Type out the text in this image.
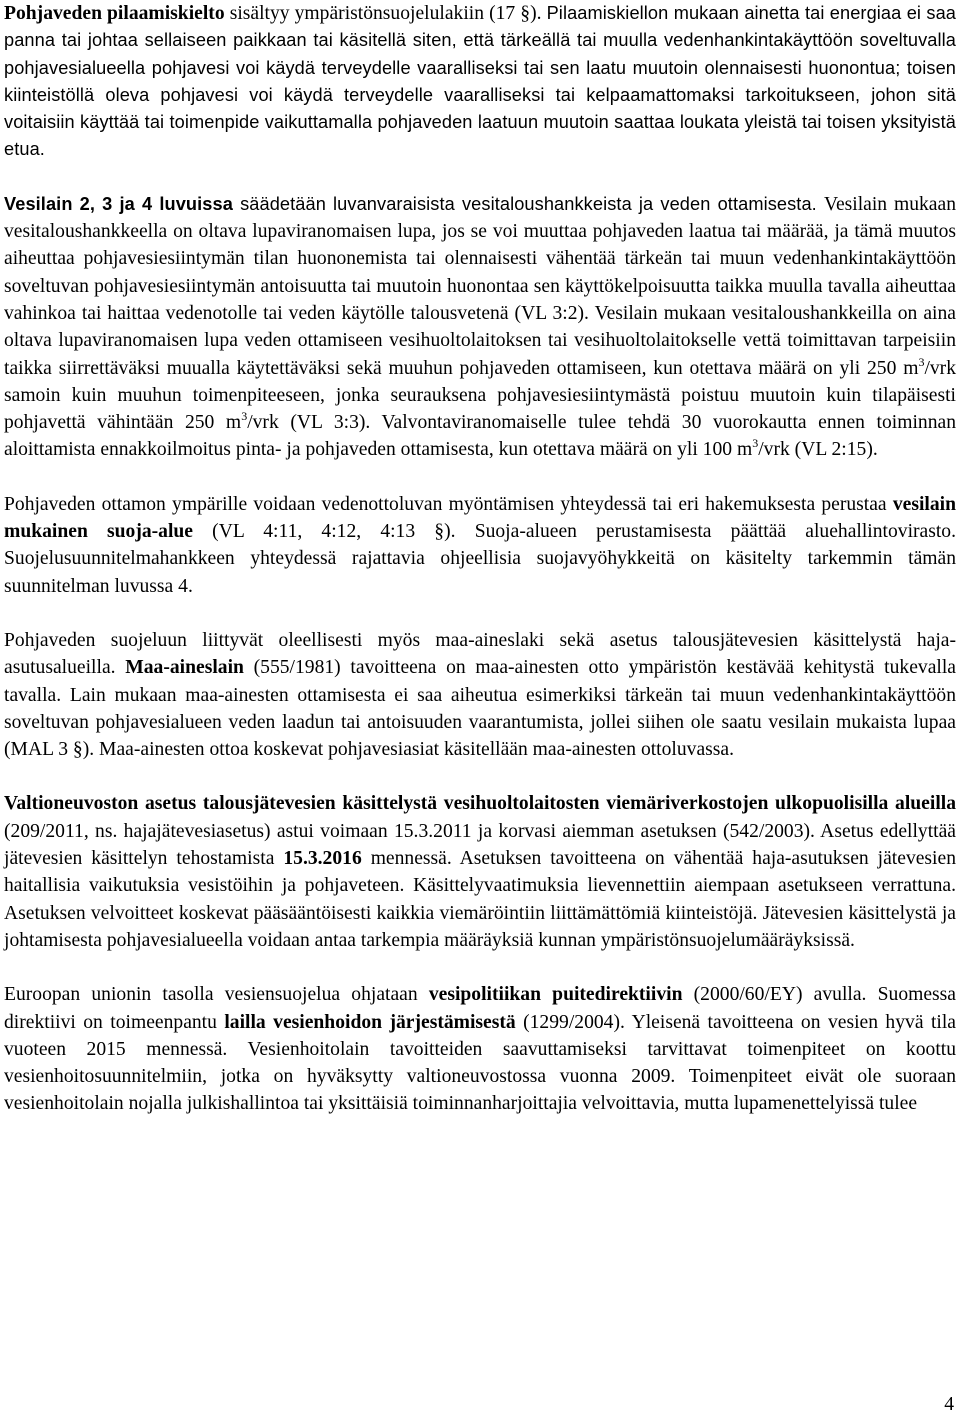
Pohjaveden pilaamiskielto sisältyy ympäristönsuojelulakiin (17 §). Pilaamiskiellon mukaan ainetta tai energiaa ei saa panna tai johtaa sellaiseen paikkaan tai käsitellä siten, että tärkeällä tai muulla vedenhankintakäyttöön soveltuvalla pohjavesialueella pohjavesi voi käydä terveydelle vaaralliseksi tai sen laatu muutoin olennaisesti huonontua; toisen kiinteistöllä oleva pohjavesi voi käydä terveydelle vaaralliseksi tai kelpaamattomaksi tarkoitukseen, johon sitä voitaisiin käyttää tai toimenpide vaikuttamalla pohjaveden laatuun muutoin saattaa loukata yleistä tai toisen yksityistä etua.

Vesilain 2, 3 ja 4 luvuissa säädetään luvanvaraisista vesitaloushankkeista ja veden ottamisesta. Vesilain mukaan vesitaloushankkeella on oltava lupaviranomaisen lupa, jos se voi muuttaa pohjaveden laatua tai määrää, ja tämä muutos aiheuttaa pohjavesiesiintymän tilan huononemista tai olennaisesti vähentää tärkeän tai muun vedenhankintakäyttöön soveltuvan pohjavesiesiintymän antoisuutta tai muutoin huonontaa sen käyttökelpoisuutta taikka muulla tavalla aiheuttaa vahinkoa tai haittaa vedenotolle tai veden käytölle talousvetenä (VL 3:2). Vesilain mukaan vesitaloushankkeilla on aina oltava lupaviranomaisen lupa veden ottamiseen vesihuoltolaitoksen tai vesihuoltolaitokselle vettä toimittavan tarpeisiin taikka siirrettäväksi muualla käytettäväksi sekä muuhun pohjaveden ottamiseen, kun otettava määrä on yli 250 $m^3$/vrk samoin kuin muuhun toimenpiteeseen, jonka seurauksena pohjavesiesiintymästä poistuu muutoin kuin tilapäisesti pohjavettä vähintään 250 $m^3$/vrk (VL 3:3). Valvontaviranomaiselle tulee tehdä 30 vuorokautta ennen toiminnan aloittamista ennakkoilmoitus pinta- ja pohjaveden ottamisesta, kun otettava määrä on yli 100 $m^3$/vrk (VL 2:15).

Pohjaveden ottamon ympärille voidaan vedenottoluvan myöntämisen yhteydessä tai eri hakemuksesta perustaa vesilain mukainen suoja-alue (VL 4:11, 4:12, 4:13 §). Suoja-alueen perustamisesta päättää aluehallintovirasto. Suojelusuunnitelmahankkeen yhteydessä rajattavia ohjeellisia suojavyöhykkeitä on käsitelty tarkemmin tämän suunnitelman luvussa 4.

Pohjaveden suojeluun liittyvät oleellisesti myös maa-aineslaki sekä asetus talousjätevesien käsittelystä haja-asutusalueilla. Maa-aineslain (555/1981) tavoitteena on maa-ainesten otto ympäristön kestävää kehitystä tukevalla tavalla. Lain mukaan maa-ainesten ottamisesta ei saa aiheutua esimerkiksi tärkeän tai muun vedenhankintakäyttöön soveltuvan pohjavesialueen veden laadun tai antoisuuden vaarantumista, jollei siihen ole saatu vesilain mukaista lupaa (MAL 3 §). Maa-ainesten ottoa koskevat pohjavesiasiat käsitellään maa-ainesten ottoluvassa.

Valtioneuvoston asetus talousjätevesien käsittelystä vesihuoltolaitosten viemäriverkostojen ulkopuolisilla alueilla (209/2011, ns. hajajätevesiasetus) astui voimaan 15.3.2011 ja korvasi aiemman asetuksen (542/2003). Asetus edellyttää jätevesien käsittelyn tehostamista 15.3.2016 mennessä. Asetuksen tavoitteena on vähentää haja-asutuksen jätevesien haitallisia vaikutuksia vesistöihin ja pohjaveteen. Käsittelyvaatimuksia lievennettiin aiempaan asetukseen verrattuna. Asetuksen velvoitteet koskevat pääsääntöisesti kaikkia viemäröintiin liittämättömiä kiinteistöjä. Jätevesien käsittelystä ja johtamisesta pohjavesialueella voidaan antaa tarkempia määräyksiä kunnan ympäristönsuojelumääräyksissä.

Euroopan unionin tasolla vesiensuojelua ohjataan vesipolitiikan puitedirektiivin (2000/60/EY) avulla. Suomessa direktiivi on toimeenpantu lailla vesienhoidon järjestämisestä (1299/2004). Yleisenä tavoitteena on vesien hyvä tila vuoteen 2015 mennessä. Vesienhoitolain tavoitteiden saavuttamiseksi tarvittavat toimenpiteet on koottu vesienhoitosuunnitelmiin, jotka on hyväksytty valtioneuvostossa vuonna 2009. Toimenpiteet eivät ole suoraan vesienhoitolain nojalla julkishallintoa tai yksittäisiä toiminnanharjoittajia velvoittavia, mutta lupamenettelyissä tulee

4
